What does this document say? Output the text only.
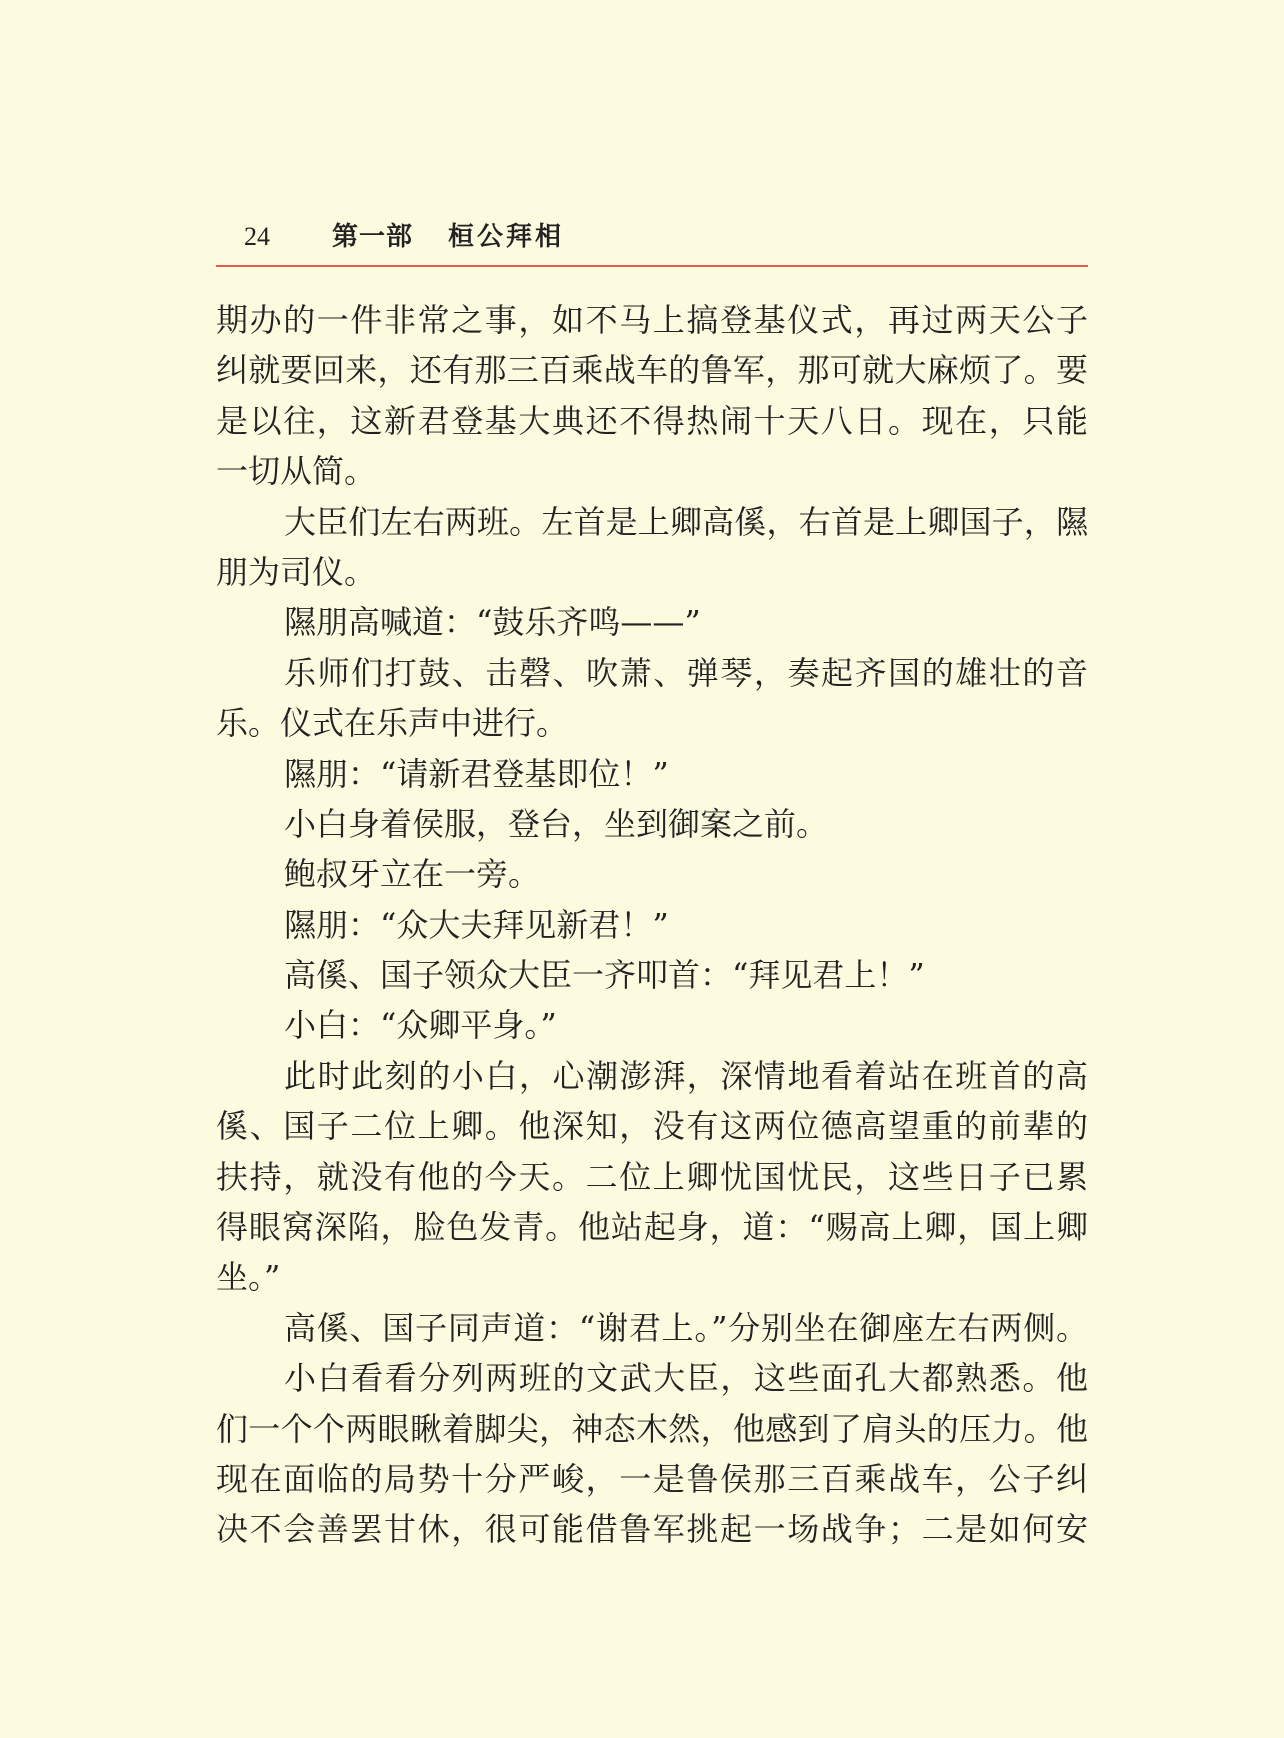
24 第一部 桓公拜相
期办的一件非常之事，如不马上搞登基仪式，再过两天公子
纠就要回来，还有那三百乘战车的鲁军，那可就大麻烦了。要
是以往，这新君登基大典还不得热闹十天八日。现在，只能
一切从简。
大臣们左右两班。左首是上卿高傒，右首是上卿国子，隰
朋为司仪。
隰朋高喊道：“鼓乐齐鸣——”
乐师们打鼓、击磬、吹萧、弹琴，奏起齐国的雄壮的音
乐。仪式在乐声中进行。
隰朋：“请新君登基即位！”
小白身着侯服，登台，坐到御案之前。
鲍叔牙立在一旁。
隰朋：“众大夫拜见新君！”
高傒、国子领众大臣一齐叩首：“拜见君上！”
小白：“众卿平身。”
此时此刻的小白，心潮澎湃，深情地看着站在班首的高
傒、国子二位上卿。他深知，没有这两位德高望重的前辈的
扶持，就没有他的今天。二位上卿忧国忧民，这些日子已累
得眼窝深陷，脸色发青。他站起身，道：“赐高上卿，国上卿
坐。”
高傒、国子同声道：“谢君上。”分别坐在御座左右两侧。
小白看看分列两班的文武大臣，这些面孔大都熟悉。他
们一个个两眼瞅着脚尖，神态木然，他感到了肩头的压力。他
现在面临的局势十分严峻，一是鲁侯那三百乘战车，公子纠
决不会善罢甘休，很可能借鲁军挑起一场战争；二是如何安
